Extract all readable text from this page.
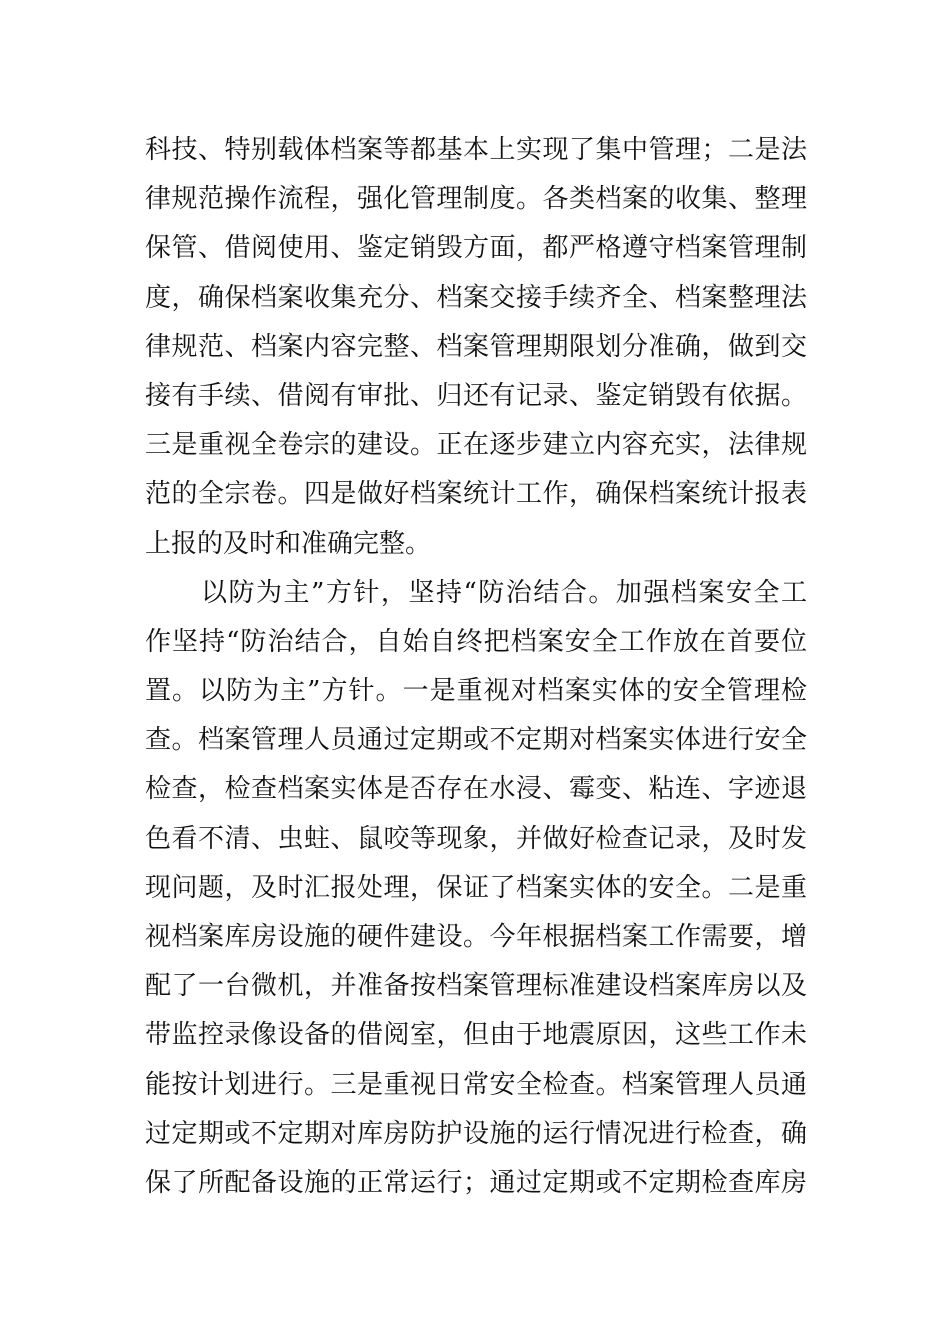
科技、特别载体档案等都基本上实现了集中管理；二是法
律规范操作流程，强化管理制度。各类档案的收集、整理
保管、借阅使用、鉴定销毁方面，都严格遵守档案管理制
度，确保档案收集充分、档案交接手续齐全、档案整理法
律规范、档案内容完整、档案管理期限划分准确，做到交
接有手续、借阅有审批、归还有记录、鉴定销毁有依据。
三是重视全卷宗的建设。正在逐步建立内容充实，法律规
范的全宗卷。四是做好档案统计工作，确保档案统计报表
上报的及时和准确完整。
以防为主”方针，坚持“防治结合。加强档案安全工
作坚持“防治结合，自始自终把档案安全工作放在首要位
置。以防为主”方针。一是重视对档案实体的安全管理检
查。档案管理人员通过定期或不定期对档案实体进行安全
检查，检查档案实体是否存在水浸、霉变、粘连、字迹退
色看不清、虫蛀、鼠咬等现象，并做好检查记录，及时发
现问题，及时汇报处理，保证了档案实体的安全。二是重
视档案库房设施的硬件建设。今年根据档案工作需要，增
配了一台微机，并准备按档案管理标准建设档案库房以及
带监控录像设备的借阅室，但由于地震原因，这些工作未
能按计划进行。三是重视日常安全检查。档案管理人员通
过定期或不定期对库房防护设施的运行情况进行检查，确
保了所配备设施的正常运行；通过定期或不定期检查库房
